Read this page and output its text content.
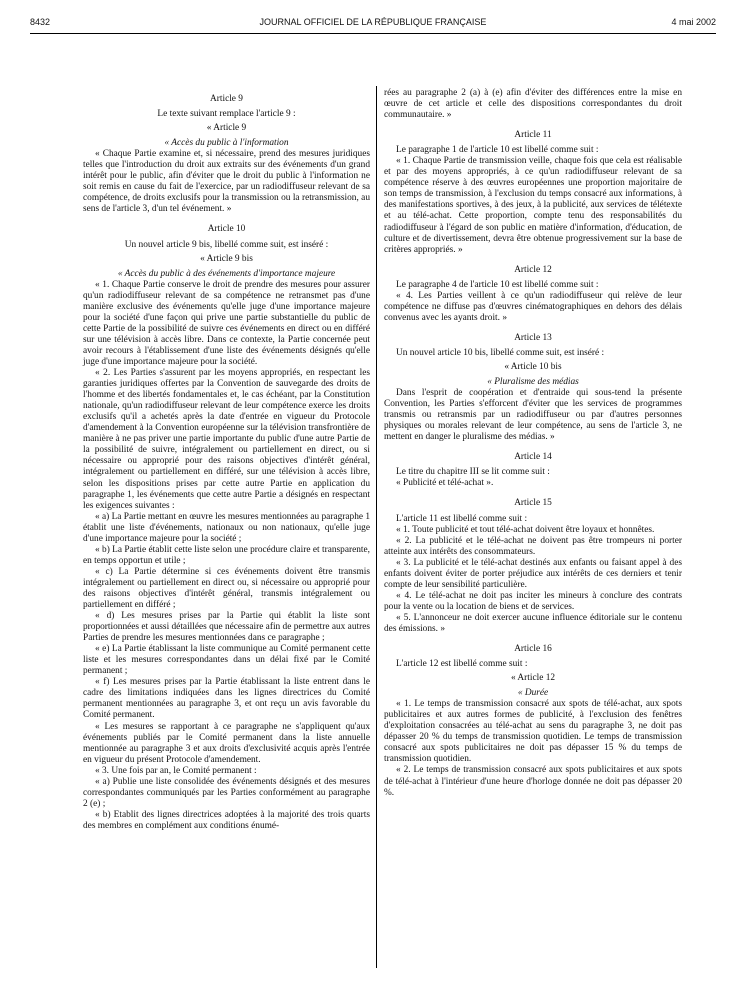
8432	JOURNAL OFFICIEL DE LA RÉPUBLIQUE FRANÇAISE	4 mai 2002

Article 9

Le texte suivant remplace l'article 9 :

« Article 9

« Accès du public à l'information

« Chaque Partie examine et, si nécessaire, prend des mesures juridiques telles que l'introduction du droit aux extraits sur des événements d'un grand intérêt pour le public, afin d'éviter que le droit du public à l'information ne soit remis en cause du fait de l'exercice, par un radiodiffuseur relevant de sa compétence, de droits exclusifs pour la transmission ou la retransmission, au sens de l'article 3, d'un tel événement. »

Article 10

Un nouvel article 9 bis, libellé comme suit, est inséré :

« Article 9 bis

« Accès du public à des événements d'importance majeure

« 1. Chaque Partie conserve le droit de prendre des mesures pour assurer qu'un radiodiffuseur relevant de sa compétence ne retransmet pas d'une manière exclusive des événements qu'elle juge d'une importance majeure pour la société d'une façon qui prive une partie substantielle du public de cette Partie de la possibilité de suivre ces événements en direct ou en différé sur une télévision à accès libre. Dans ce contexte, la Partie concernée peut avoir recours à l'établissement d'une liste des événements désignés qu'elle juge d'une importance majeure pour la société.

« 2. Les Parties s'assurent par les moyens appropriés, en respectant les garanties juridiques offertes par la Convention de sauvegarde des droits de l'homme et des libertés fondamentales et, le cas échéant, par la Constitution nationale, qu'un radiodiffuseur relevant de leur compétence exerce les droits exclusifs qu'il a achetés après la date d'entrée en vigueur du Protocole d'amendement à la Convention européenne sur la télévision transfrontière de manière à ne pas priver une partie importante du public d'une autre Partie de la possibilité de suivre, intégralement ou partiellement en direct, ou si nécessaire ou approprié pour des raisons objectives d'intérêt général, intégralement ou partiellement en différé, sur une télévision à accès libre, selon les dispositions prises par cette autre Partie en application du paragraphe 1, les événements que cette autre Partie a désignés en respectant les exigences suivantes :

« a) La Partie mettant en œuvre les mesures mentionnées au paragraphe 1 établit une liste d'événements, nationaux ou non nationaux, qu'elle juge d'une importance majeure pour la société ;

« b) La Partie établit cette liste selon une procédure claire et transparente, en temps opportun et utile ;

« c) La Partie détermine si ces événements doivent être transmis intégralement ou partiellement en direct ou, si nécessaire ou approprié pour des raisons objectives d'intérêt général, transmis intégralement ou partiellement en différé ;

« d) Les mesures prises par la Partie qui établit la liste sont proportionnées et aussi détaillées que nécessaire afin de permettre aux autres Parties de prendre les mesures mentionnées dans ce paragraphe ;

« e) La Partie établissant la liste communique au Comité permanent cette liste et les mesures correspondantes dans un délai fixé par le Comité permanent ;

« f) Les mesures prises par la Partie établissant la liste entrent dans le cadre des limitations indiquées dans les lignes directrices du Comité permanent mentionnées au paragraphe 3, et ont reçu un avis favorable du Comité permanent.

« Les mesures se rapportant à ce paragraphe ne s'appliquent qu'aux événements publiés par le Comité permanent dans la liste annuelle mentionnée au paragraphe 3 et aux droits d'exclusivité acquis après l'entrée en vigueur du présent Protocole d'amendement.

« 3. Une fois par an, le Comité permanent :

« a) Publie une liste consolidée des événements désignés et des mesures correspondantes communiqués par les Parties conformément au paragraphe 2 (e) ;

« b) Etablit des lignes directrices adoptées à la majorité des trois quarts des membres en complément aux conditions énumé-

rées au paragraphe 2 (a) à (e) afin d'éviter des différences entre la mise en œuvre de cet article et celle des dispositions correspondantes du droit communautaire. »

Article 11

Le paragraphe 1 de l'article 10 est libellé comme suit :

« 1. Chaque Partie de transmission veille, chaque fois que cela est réalisable et par des moyens appropriés, à ce qu'un radiodiffuseur relevant de sa compétence réserve à des œuvres européennes une proportion majoritaire de son temps de transmission, à l'exclusion du temps consacré aux informations, à des manifestations sportives, à des jeux, à la publicité, aux services de télétexte et au télé-achat. Cette proportion, compte tenu des responsabilités du radiodiffuseur à l'égard de son public en matière d'information, d'éducation, de culture et de divertissement, devra être obtenue progressivement sur la base de critères appropriés. »

Article 12

Le paragraphe 4 de l'article 10 est libellé comme suit :

« 4. Les Parties veillent à ce qu'un radiodiffuseur qui relève de leur compétence ne diffuse pas d'œuvres cinématographiques en dehors des délais convenus avec les ayants droit. »

Article 13

Un nouvel article 10 bis, libellé comme suit, est inséré :

« Article 10 bis

« Pluralisme des médias

Dans l'esprit de coopération et d'entraide qui sous-tend la présente Convention, les Parties s'efforcent d'éviter que les services de programmes transmis ou retransmis par un radiodiffuseur ou par d'autres personnes physiques ou morales relevant de leur compétence, au sens de l'article 3, ne mettent en danger le pluralisme des médias. »

Article 14

Le titre du chapitre III se lit comme suit :

« Publicité et télé-achat ».

Article 15

L'article 11 est libellé comme suit :

« 1. Toute publicité et tout télé-achat doivent être loyaux et honnêtes.

« 2. La publicité et le télé-achat ne doivent pas être trompeurs ni porter atteinte aux intérêts des consommateurs.

« 3. La publicité et le télé-achat destinés aux enfants ou faisant appel à des enfants doivent éviter de porter préjudice aux intérêts de ces derniers et tenir compte de leur sensibilité particulière.

« 4. Le télé-achat ne doit pas inciter les mineurs à conclure des contrats pour la vente ou la location de biens et de services.

« 5. L'annonceur ne doit exercer aucune influence éditoriale sur le contenu des émissions. »

Article 16

L'article 12 est libellé comme suit :

« Article 12

« Durée

« 1. Le temps de transmission consacré aux spots de télé-achat, aux spots publicitaires et aux autres formes de publicité, à l'exclusion des fenêtres d'exploitation consacrées au télé-achat au sens du paragraphe 3, ne doit pas dépasser 20 % du temps de transmission quotidien. Le temps de transmission consacré aux spots publicitaires ne doit pas dépasser 15 % du temps de transmission quotidien.

« 2. Le temps de transmission consacré aux spots publicitaires et aux spots de télé-achat à l'intérieur d'une heure d'horloge donnée ne doit pas dépasser 20 %.
